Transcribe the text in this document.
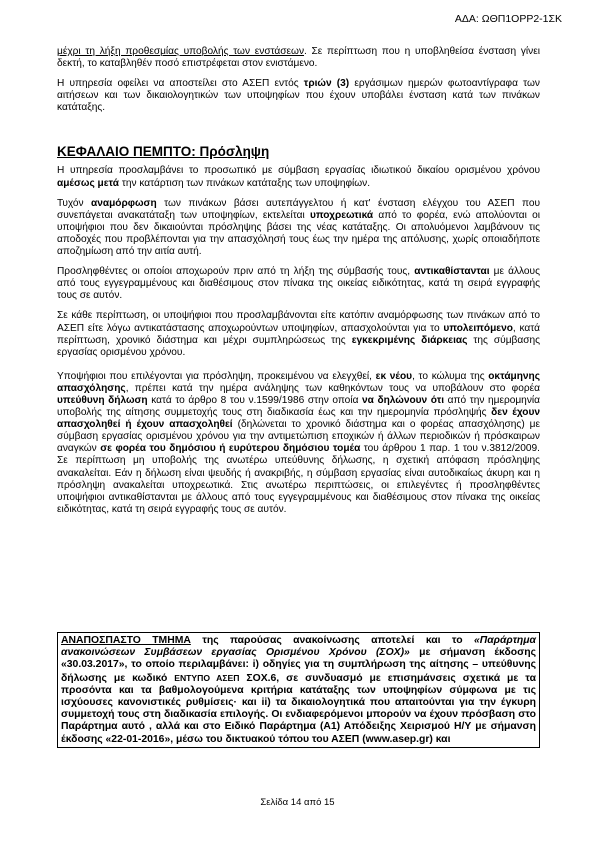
ΑΔΑ: ΩΘΠ1ΟΡΡ2-1ΣΚ

μέχρι τη λήξη προθεσμίας υποβολής των ενστάσεων. Σε περίπτωση που η υποβληθείσα ένσταση γίνει δεκτή, το καταβληθέν ποσό επιστρέφεται στον ενιστάμενο.

Η υπηρεσία οφείλει να αποστείλει στο ΑΣΕΠ εντός τριών (3) εργάσιμων ημερών φωτοαντίγραφα των αιτήσεων και των δικαιολογητικών των υποψηφίων που έχουν υποβάλει ένσταση κατά των πινάκων κατάταξης.

ΚΕΦΑΛΑΙΟ ΠΕΜΠΤΟ: Πρόσληψη

Η υπηρεσία προσλαμβάνει το προσωπικό με σύμβαση εργασίας ιδιωτικού δικαίου ορισμένου χρόνου αμέσως μετά την κατάρτιση των πινάκων κατάταξης των υποψηφίων.

Τυχόν αναμόρφωση των πινάκων βάσει αυτεπάγγελτου ή κατ' ένσταση ελέγχου του ΑΣΕΠ που συνεπάγεται ανακατάταξη των υποψηφίων, εκτελείται υποχρεωτικά από το φορέα, ενώ απολύονται οι υποψήφιοι που δεν δικαιούνται πρόσληψης βάσει της νέας κατάταξης. Οι απολυόμενοι λαμβάνουν τις αποδοχές που προβλέπονται για την απασχόλησή τους έως την ημέρα της απόλυσης, χωρίς οποιαδήποτε αποζημίωση από την αιτία αυτή.

Προσληφθέντες οι οποίοι αποχωρούν πριν από τη λήξη της σύμβασής τους, αντικαθίστανται με άλλους από τους εγγεγραμμένους και διαθέσιμους στον πίνακα της οικείας ειδικότητας, κατά τη σειρά εγγραφής τους σε αυτόν.

Σε κάθε περίπτωση, οι υποψήφιοι που προσλαμβάνονται είτε κατόπιν αναμόρφωσης των πινάκων από το ΑΣΕΠ είτε λόγω αντικατάστασης αποχωρούντων υποψηφίων, απασχολούνται για το υπολειπόμενο, κατά περίπτωση, χρονικό διάστημα και μέχρι συμπληρώσεως της εγκεκριμένης διάρκειας της σύμβασης εργασίας ορισμένου χρόνου.

Υποψήφιοι που επιλέγονται για πρόσληψη, προκειμένου να ελεγχθεί, εκ νέου, το κώλυμα της οκτάμηνης απασχόλησης, πρέπει κατά την ημέρα ανάληψης των καθηκόντων τους να υποβάλουν στο φορέα υπεύθυνη δήλωση κατά το άρθρο 8 του ν.1599/1986 στην οποία να δηλώνουν ότι από την ημερομηνία υποβολής της αίτησης συμμετοχής τους στη διαδικασία έως και την ημερομηνία πρόσληψής δεν έχουν απασχοληθεί ή έχουν απασχοληθεί (δηλώνεται το χρονικό διάστημα και ο φορέας απασχόλησης) με σύμβαση εργασίας ορισμένου χρόνου για την αντιμετώπιση εποχικών ή άλλων περιοδικών ή πρόσκαιρων αναγκών σε φορέα του δημόσιου ή ευρύτερου δημόσιου τομέα του άρθρου 1 παρ. 1 του ν.3812/2009. Σε περίπτωση μη υποβολής της ανωτέρω υπεύθυνης δήλωσης, η σχετική απόφαση πρόσληψης ανακαλείται. Εάν η δήλωση είναι ψευδής ή ανακριβής, η σύμβαση εργασίας είναι αυτοδικαίως άκυρη και η πρόσληψη ανακαλείται υποχρεωτικά. Στις ανωτέρω περιπτώσεις, οι επιλεγέντες ή προσληφθέντες υποψήφιοι αντικαθίστανται με άλλους από τους εγγεγραμμένους και διαθέσιμους στον πίνακα της οικείας ειδικότητας, κατά τη σειρά εγγραφής τους σε αυτόν.

ΑΝΑΠΟΣΠΑΣΤΟ ΤΜΗΜΑ της παρούσας ανακοίνωσης αποτελεί και το «Παράρτημα ανακοινώσεων Συμβάσεων εργασίας Ορισμένου Χρόνου (ΣΟΧ)» με σήμανση έκδοσης «30.03.2017», το οποίο περιλαμβάνει: i) οδηγίες για τη συμπλήρωση της αίτησης – υπεύθυνης δήλωσης με κωδικό ΕΝΤΥΠΟ ΑΣΕΠ ΣΟΧ.6, σε συνδυασμό με επισημάνσεις σχετικά με τα προσόντα και τα βαθμολογούμενα κριτήρια κατάταξης των υποψηφίων σύμφωνα με τις ισχύουσες κανονιστικές ρυθμίσεις· και ii) τα δικαιολογητικά που απαιτούνται για την έγκυρη συμμετοχή τους στη διαδικασία επιλογής. Οι ενδιαφερόμενοι μπορούν να έχουν πρόσβαση στο Παράρτημα αυτό , αλλά και στο Ειδικό Παράρτημα (Α1) Απόδειξης Χειρισμού Η/Υ με σήμανση έκδοσης «22-01-2016», μέσω του δικτυακού τόπου του ΑΣΕΠ (www.asep.gr) και
Σελίδα 14 από 15
